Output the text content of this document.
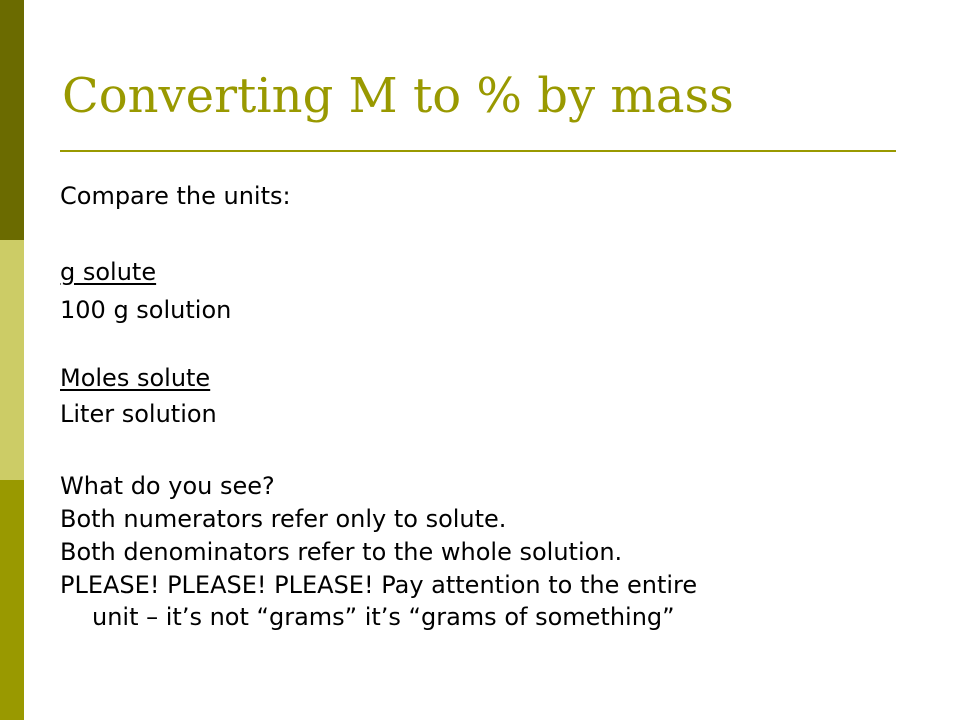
Converting M to % by mass
Compare the units:
g solute
100 g solution
Moles solute
Liter solution
What do you see?
Both numerators refer only to solute.
Both denominators refer to the whole solution.
PLEASE! PLEASE! PLEASE! Pay attention to the entire
unit – it’s not “grams” it’s “grams of something”
